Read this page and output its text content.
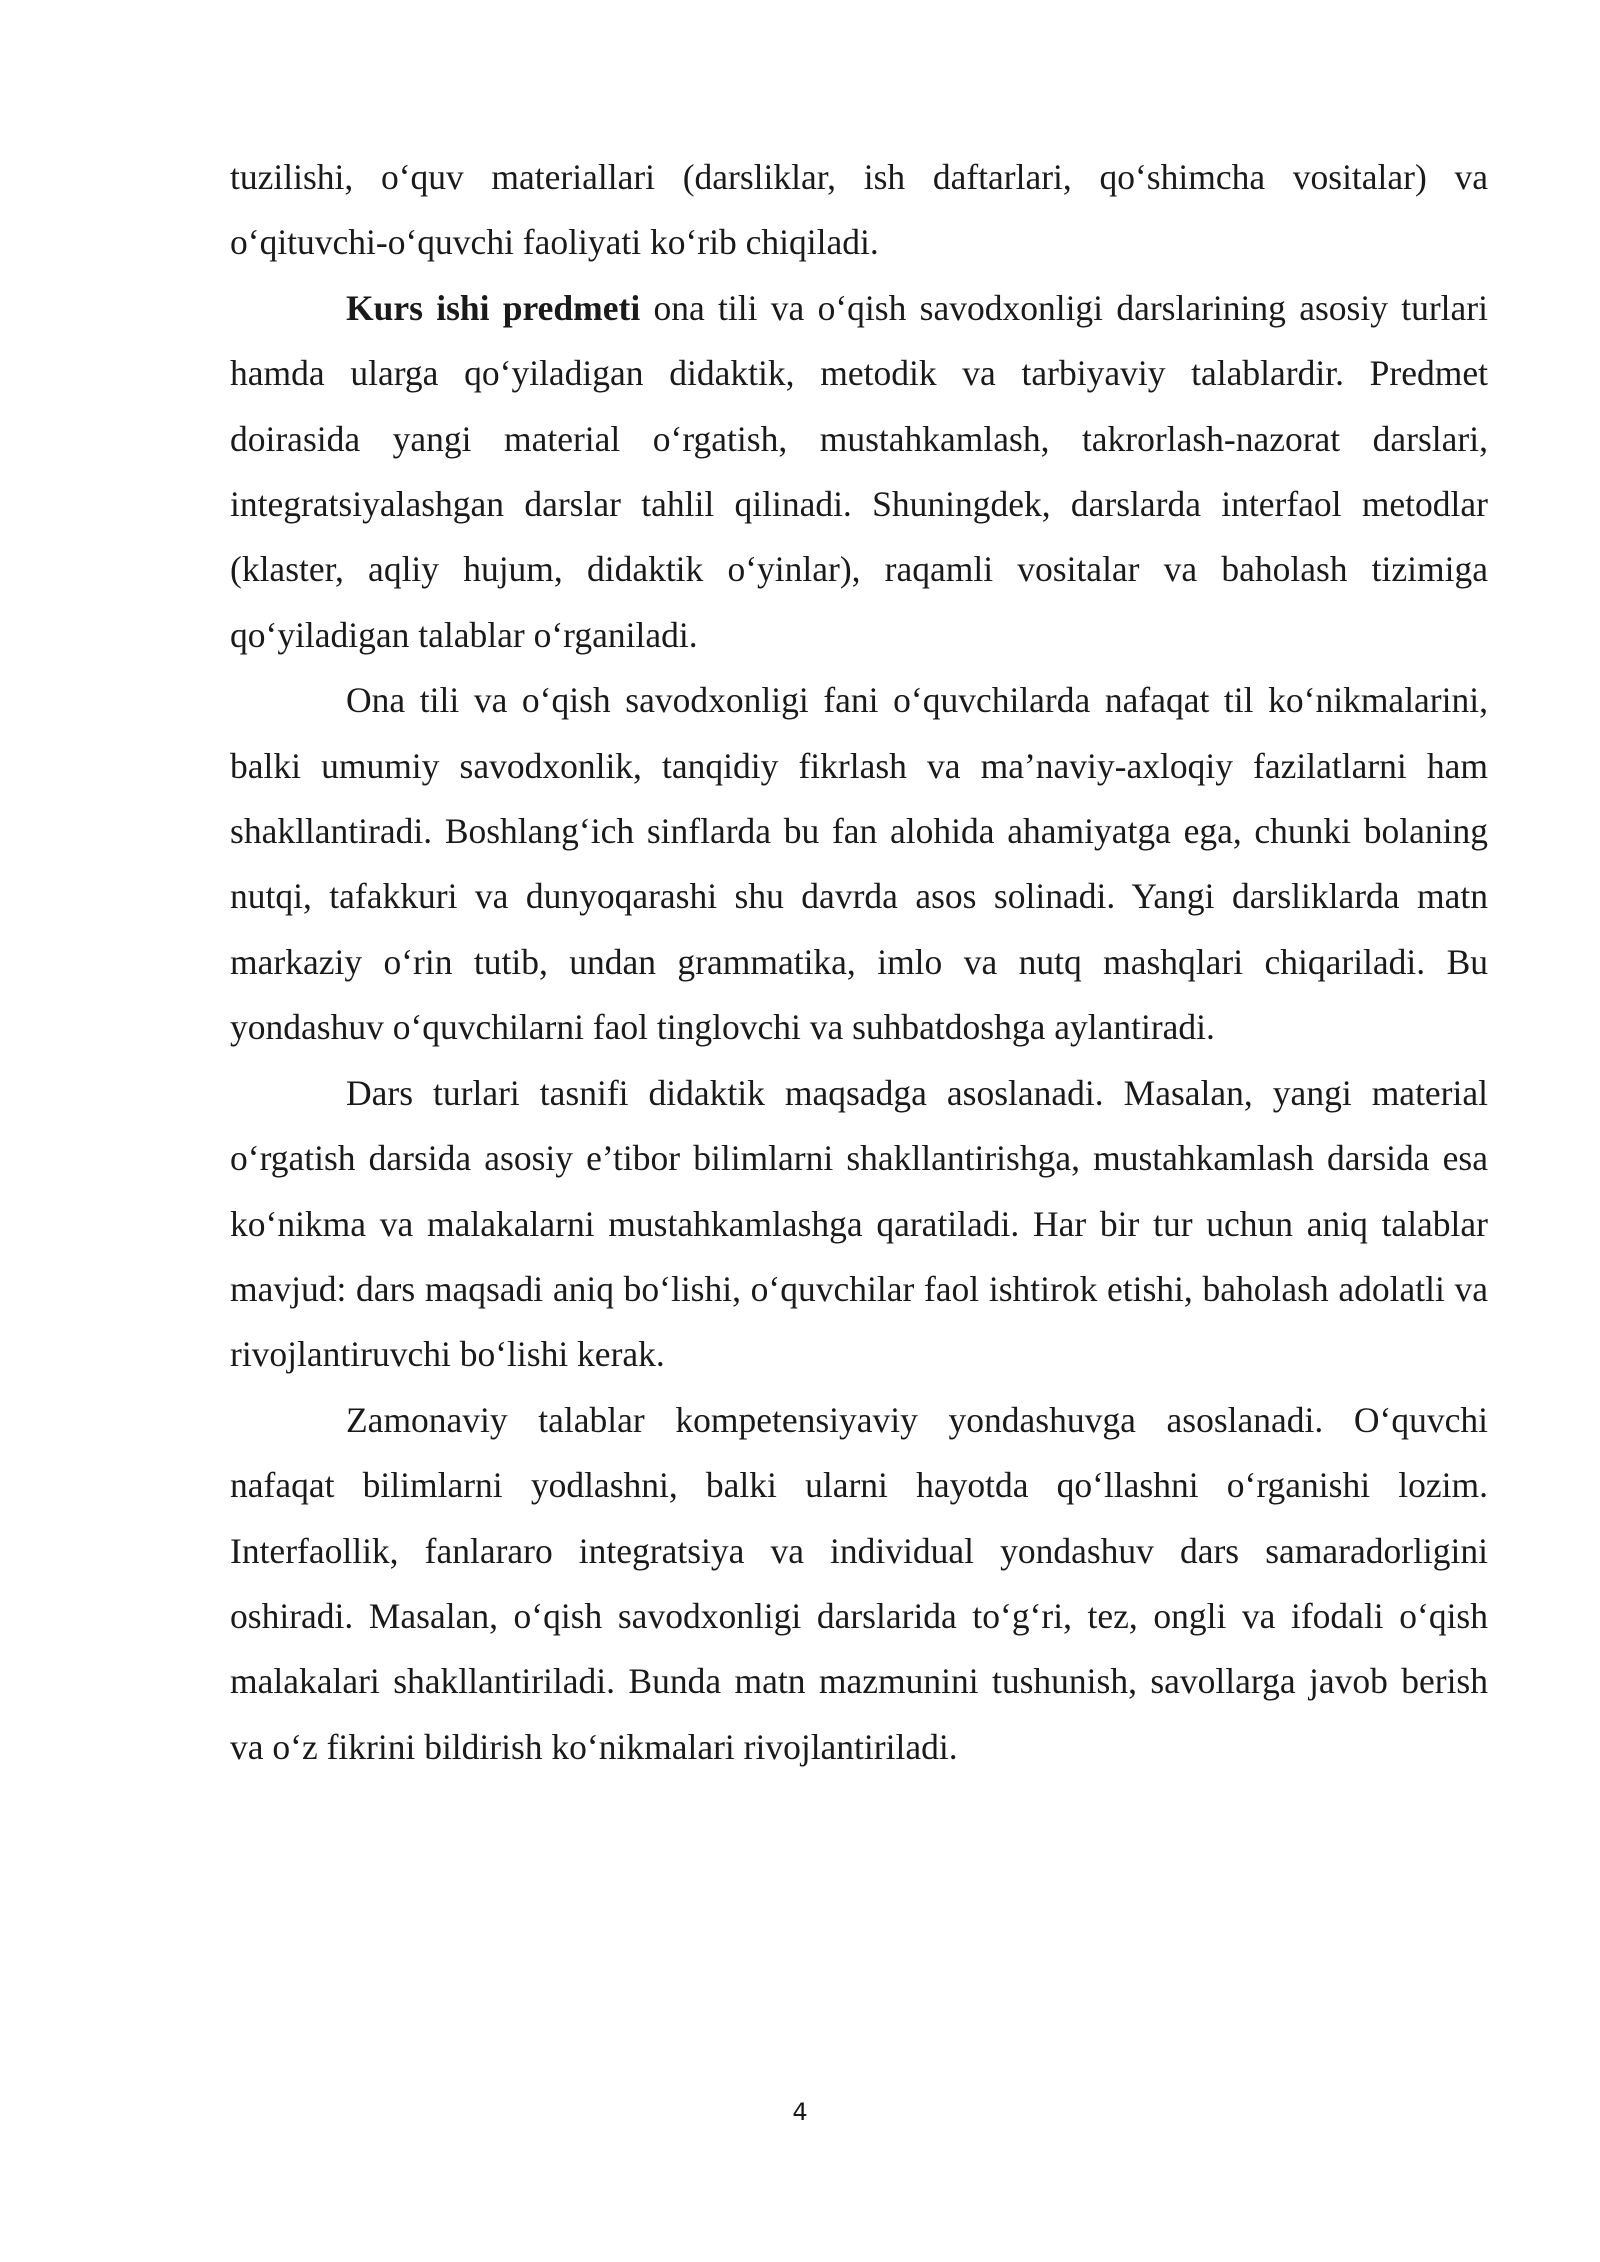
tuzilishi, o‘quv materiallari (darsliklar, ish daftarlari, qo‘shimcha vositalar) va o‘qituvchi-o‘quvchi faoliyati ko‘rib chiqiladi.

Kurs ishi predmeti ona tili va o‘qish savodxonligi darslarining asosiy turlari hamda ularga qo‘yiladigan didaktik, metodik va tarbiyaviy talablardir. Predmet doirasida yangi material o‘rgatish, mustahkamlash, takrorlash-nazorat darslari, integratsiyalashgan darslar tahlil qilinadi. Shuningdek, darslarda interfaol metodlar (klaster, aqliy hujum, didaktik o‘yinlar), raqamli vositalar va baholash tizimiga qo‘yiladigan talablar o‘rganiladi.

Ona tili va o‘qish savodxonligi fani o‘quvchilarda nafaqat til ko‘nikmalarini, balki umumiy savodxonlik, tanqidiy fikrlash va ma’naviy-axloqiy fazilatlarni ham shakllantiradi. Boshlang‘ich sinflarda bu fan alohida ahamiyatga ega, chunki bolaning nutqi, tafakkuri va dunyoqarashi shu davrda asos solinadi. Yangi darsliklarda matn markaziy o‘rin tutib, undan grammatika, imlo va nutq mashqlari chiqariladi. Bu yondashuv o‘quvchilarni faol tinglovchi va suhbatdoshga aylantiradi.

Dars turlari tasnifi didaktik maqsadga asoslanadi. Masalan, yangi material o‘rgatish darsida asosiy e’tibor bilimlarni shakllantirishga, mustahkamlash darsida esa ko‘nikma va malakalarni mustahkamlashga qaratiladi. Har bir tur uchun aniq talablar mavjud: dars maqsadi aniq bo‘lishi, o‘quvchilar faol ishtirok etishi, baholash adolatli va rivojlantiruvchi bo‘lishi kerak.

Zamonaviy talablar kompetensiyaviy yondashuvga asoslanadi. O‘quvchi nafaqat bilimlarni yodlashni, balki ularni hayotda qo‘llashni o‘rganishi lozim. Interfaollik, fanlararo integratsiya va individual yondashuv dars samaradorligini oshiradi. Masalan, o‘qish savodxonligi darslarida to‘g‘ri, tez, ongli va ifodali o‘qish malakalari shakllantiriladi. Bunda matn mazmunini tushunish, savollarga javob berish va o‘z fikrini bildirish ko‘nikmalari rivojlantiriladi.

4
